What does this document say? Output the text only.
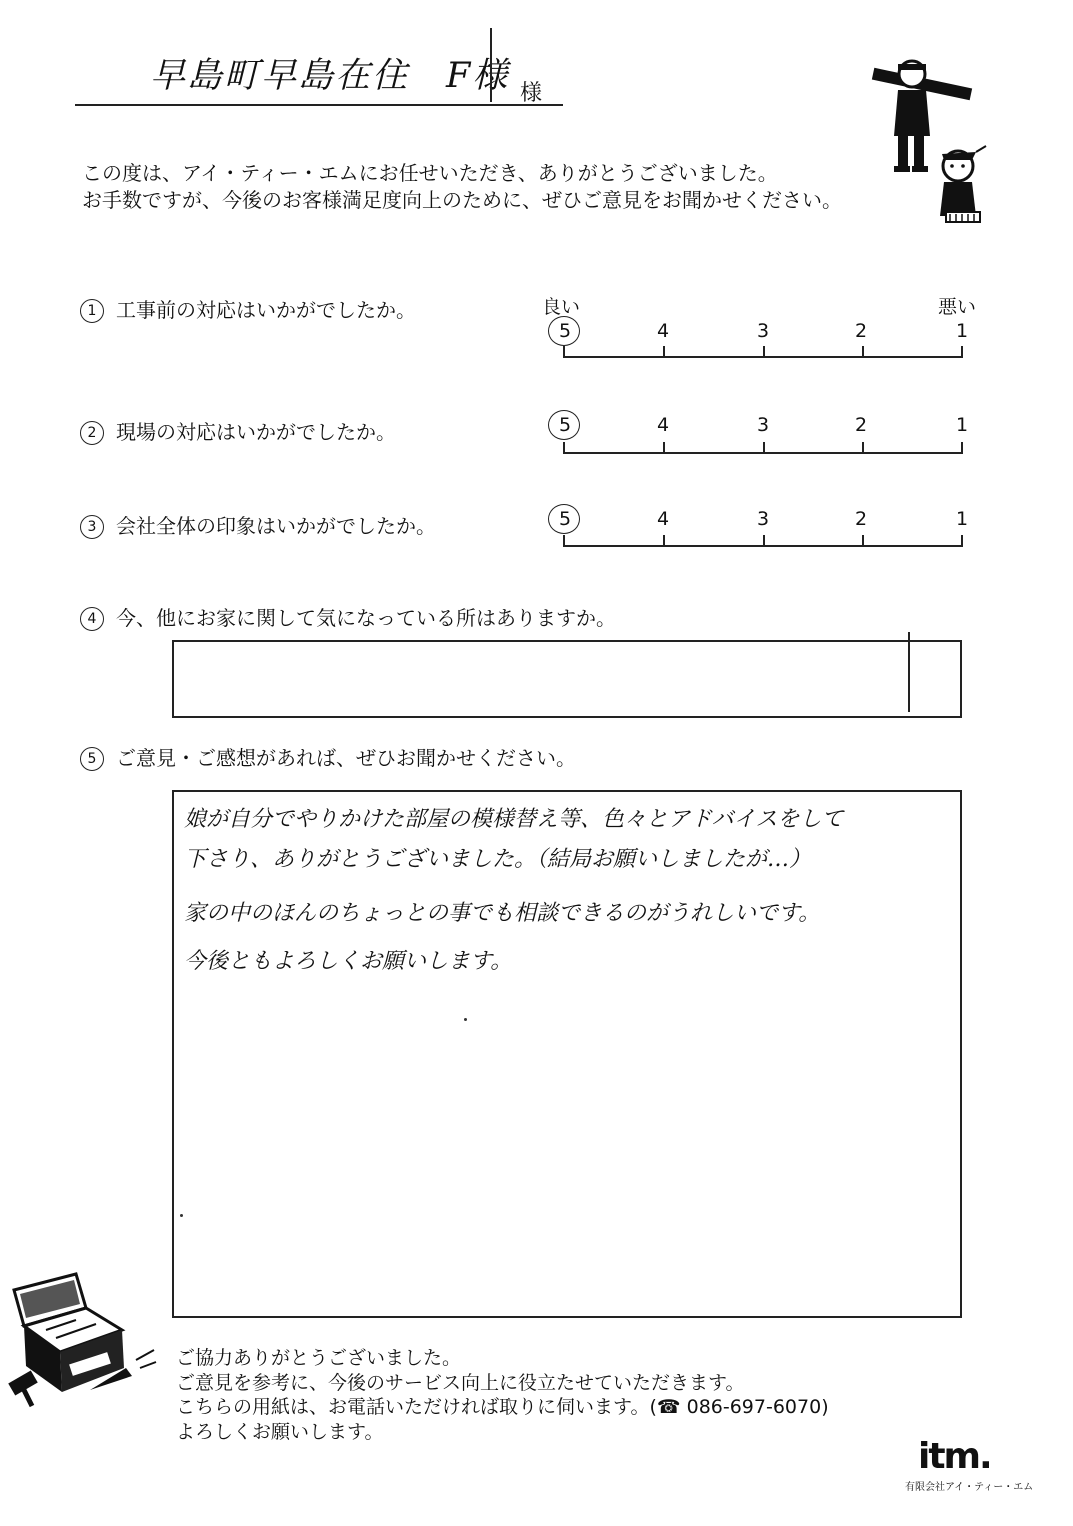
早島町早島在住　F様 様
この度は、アイ・ティー・エムにお任せいただき、ありがとうございました。
お手数ですが、今後のお客様満足度向上のために、ぜひご意見をお聞かせください。
1 工事前の対応はいかがでしたか。	良い	悪い
5	4	3	2	1
2 現場の対応はいかがでしたか。	5	4	3	2	1
3 会社全体の印象はいかがでしたか。	5	4	3	2	1
4 今、他にお家に関して気になっている所はありますか。
5 ご意見・ご感想があれば、ぜひお聞かせください。
娘が自分でやりかけた部屋の模様替え等、色々とアドバイスをして
下さり、ありがとうございました。（結局お願いしましたが…）
家の中のほんのちょっとの事でも相談できるのがうれしいです。
今後ともよろしくお願いします。
ご協力ありがとうございました。
ご意見を参考に、今後のサービス向上に役立たせていただきます。
こちらの用紙は、お電話いただければ取りに伺います。(☎ 086-697-6070)
よろしくお願いします。
itm.
有限会社アイ・ティー・エム
